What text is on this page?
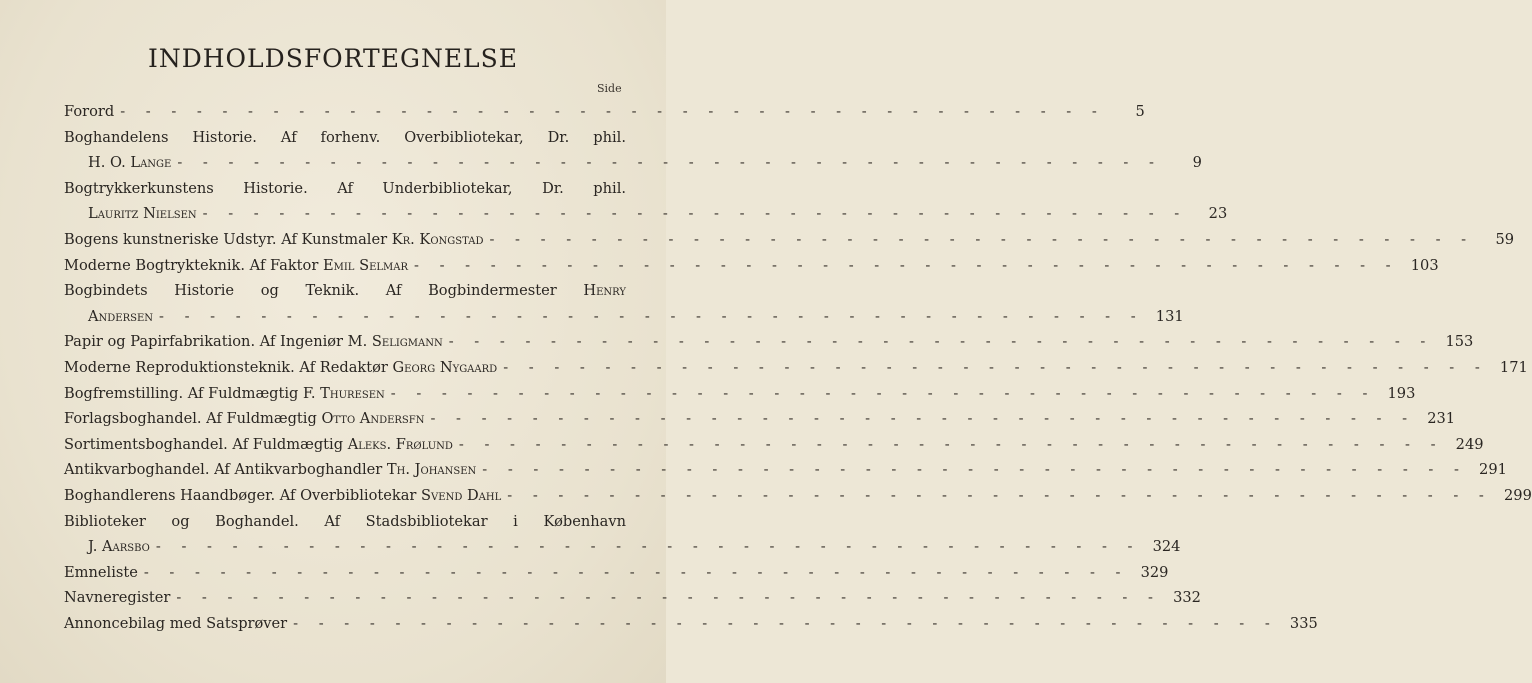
INDHOLDSFORTEGNELSE
Side
Forord - - - - - - - - - - - - - - - - - - - - - - - - - - - - - - - - - - - - - - -	5
Boghandelens Historie. Af forhenv. Overbibliotekar, Dr. phil.
H. O. Lange - - - - - - - - - - - - - - - - - - - - - - - - - - - - - - - - - - - - - - -	9
Bogtrykkerkunstens Historie. Af Underbibliotekar, Dr. phil.
Lauritz Nielsen - - - - - - - - - - - - - - - - - - - - - - - - - - - - - - - - - - - - - - -	23
Bogens kunstneriske Udstyr. Af Kunstmaler
Kr. Kongstad - - - - - - - - - - - - - - - - - - - - - - - - - - - - - - - - - - - - - - -	59
Moderne Bogtrykteknik. Af Faktor
Emil Selmar - - - - - - - - - - - - - - - - - - - - - - - - - - - - - - - - - - - - - - - 103
Bogbindets Historie og Teknik. Af Bogbindermester Henry
Andersen - - - - - - - - - - - - - - - - - - - - - - - - - - - - - - - - - - - - - - - 131
Papir og Papirfabrikation. Af Ingeniør
M. Seligmann - - - - - - - - - - - - - - - - - - - - - - - - - - - - - - - - - - - - - - - 153
Moderne Reproduktionsteknik. Af Redaktør
Georg Nygaard - - - - - - - - - - - - - - - - - - - - - - - - - - - - - - - - - - - - - - - 171
Bogfremstilling. Af Fuldmægtig
F. Thuresen - - - - - - - - - - - - - - - - - - - - - - - - - - - - - - - - - - - - - - - 193
Forlagsboghandel. Af Fuldmægtig
Otto Andersfn - - - - - - - - - - - - - - - - - - - - - - - - - - - - - - - - - - - - - - - 231
Sortimentsboghandel. Af Fuldmægtig
Aleks. Frølund - - - - - - - - - - - - - - - - - - - - - - - - - - - - - - - - - - - - - - - 249
Antikvarboghandel. Af Antikvarboghandler
Th. Johansen - - - - - - - - - - - - - - - - - - - - - - - - - - - - - - - - - - - - - - - 291
Boghandlerens Haandbøger. Af Overbibliotekar
Svend Dahl - - - - - - - - - - - - - - - - - - - - - - - - - - - - - - - - - - - - - - - 299
Biblioteker og Boghandel. Af Stadsbibliotekar i København
J. Aarsbo - - - - - - - - - - - - - - - - - - - - - - - - - - - - - - - - - - - - - - - 324
Emneliste - - - - - - - - - - - - - - - - - - - - - - - - - - - - - - - - - - - - - - - 329
Navneregister - - - - - - - - - - - - - - - - - - - - - - - - - - - - - - - - - - - - - - - 332
Annoncebilag med Satsprøver - - - - - - - - - - - - - - - - - - - - - - - - - - - - - - - - - - - - - - - 335
